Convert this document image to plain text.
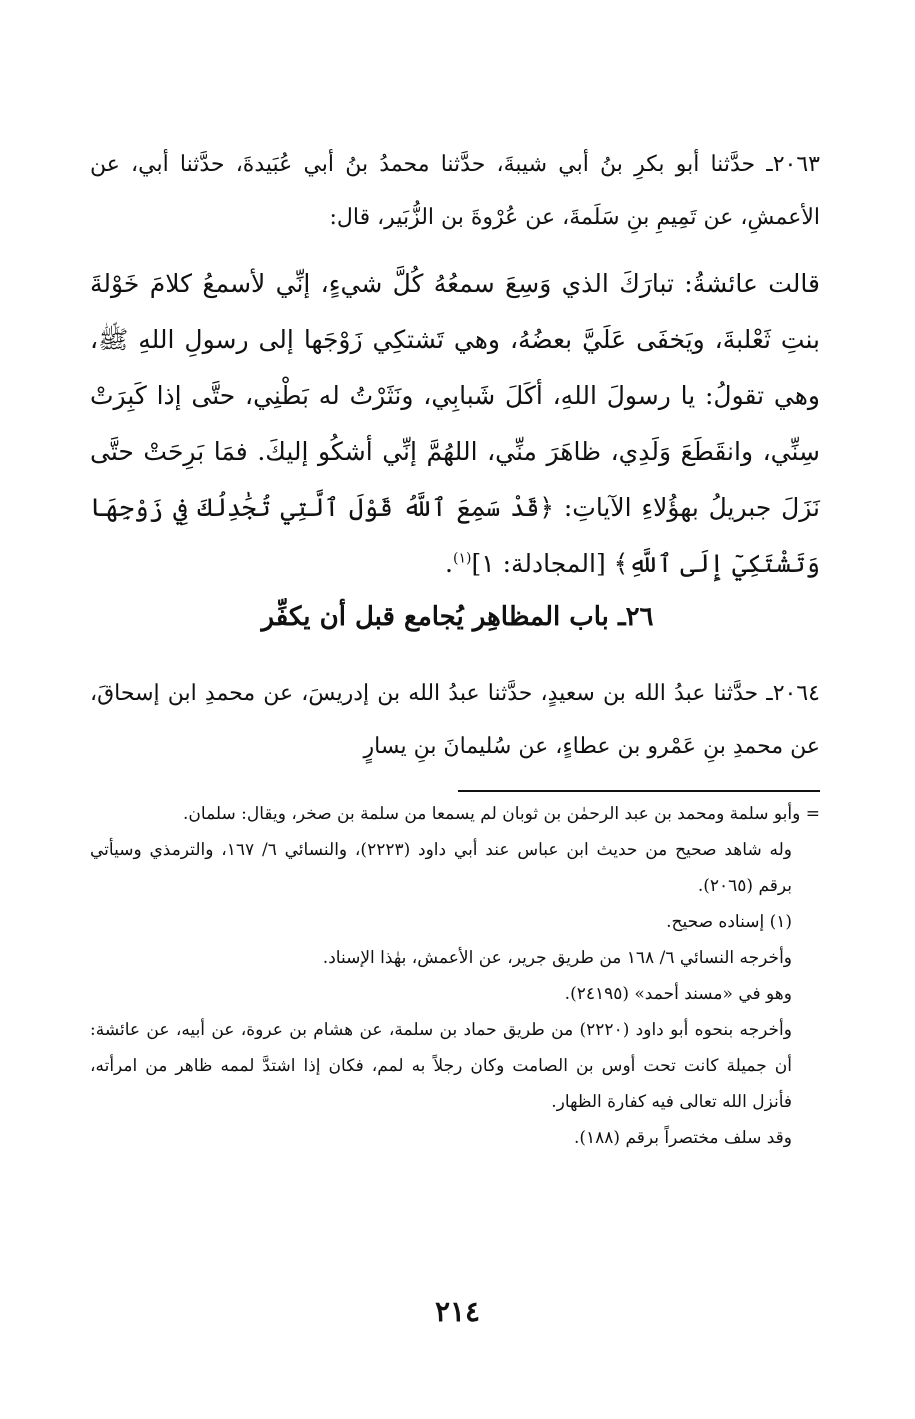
٢٠٦٣ـ حدَّثنا أبو بكرِ بنُ أبي شيبةَ، حدَّثنا محمدُ بنُ أبي عُبَيدةَ، حدَّثنا أبي، عن الأعمشِ، عن تَمِيمِ بنِ سَلَمةَ، عن عُرْوةَ بن الزُّبَير، قال:
قالت عائشةُ: تبارَكَ الذي وَسِعَ سمعُهُ كُلَّ شيءٍ، إنِّي لأسمعُ كلامَ خَوْلةَ بنتِ ثَعْلبةَ، ويَخفَى عَلَيَّ بعضُهُ، وهي تَشتكِي زَوْجَها إلى رسولِ اللهِ ﷺ، وهي تقولُ: يا رسولَ اللهِ، أكَلَ شَبابِي، ونَثَرْتُ له بَطْنِي، حتَّى إذا كَبِرَتْ سِنِّي، وانقَطَعَ وَلَدِي، ظاهَرَ منِّي، اللهُمَّ إنِّي أشكُو إليكَ. فمَا بَرِحَتْ حتَّى نَزَلَ جبريلُ بهؤُلاءِ الآياتِ: ﴿قَدْ سَمِعَ ٱللَّهُ قَوْلَ ٱلَّتِي تُجَٰدِلُكَ فِي زَوْجِهَا وَتَشْتَكِيٓ إِلَى ٱللَّهِ﴾ [المجادلة: ١]$^{(١)}$.
٢٦ـ باب المظاهِر يُجامع قبل أن يكفِّر
٢٠٦٤ـ حدَّثنا عبدُ الله بن سعيدٍ، حدَّثنا عبدُ الله بن إدريسَ، عن محمدِ ابن إسحاقَ، عن محمدِ بنِ عَمْرو بن عطاءٍ، عن سُليمانَ بنِ يسارٍ

= وأبو سلمة ومحمد بن عبد الرحمٰن بن ثوبان لم يسمعا من سلمة بن صخر، ويقال: سلمان.

وله شاهد صحيح من حديث ابن عباس عند أبي داود (٢٢٢٣)، والنسائي ٦/ ١٦٧، والترمذي وسيأتي برقم (٢٠٦٥).

(١) إسناده صحيح.

وأخرجه النسائي ٦/ ١٦٨ من طريق جرير، عن الأعمش، بهٰذا الإسناد.

وهو في «مسند أحمد» (٢٤١٩٥).

وأخرجه بنحوه أبو داود (٢٢٢٠) من طريق حماد بن سلمة، عن هشام بن عروة، عن أبيه، عن عائشة: أن جميلة كانت تحت أوس بن الصامت وكان رجلاً به لمم، فكان إذا اشتدَّ لممه ظاهر من امرأته، فأنزل الله تعالى فيه كفارة الظهار.

وقد سلف مختصراً برقم (١٨٨).

٢١٤
